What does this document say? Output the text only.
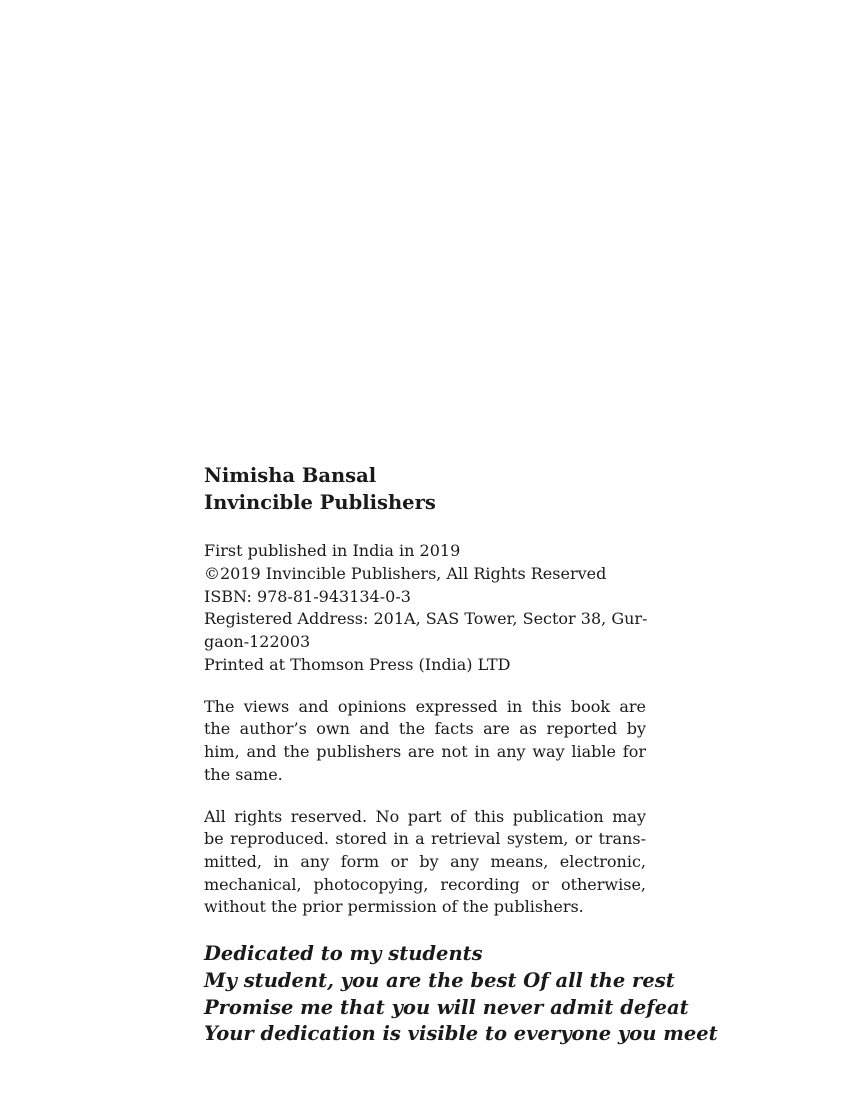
Nimisha Bansal
Invincible Publishers
First published in India in 2019
©2019 Invincible Publishers, All Rights Reserved
ISBN: 978-81-943134-0-3
Registered Address: 201A, SAS Tower, Sector 38, Gur-
gaon-122003
Printed at Thomson Press (India) LTD
The views and opinions expressed in this book are
the author’s own and the facts are as reported by
him, and the publishers are not in any way liable for
the same.
All rights reserved. No part of this publication may
be reproduced. stored in a retrieval system, or trans-
mitted, in any form or by any means, electronic,
mechanical, photocopying, recording or otherwise,
without the prior permission of the publishers.
Dedicated to my students
My student, you are the best Of all the rest
Promise me that you will never admit defeat
Your dedication is visible to everyone you meet
